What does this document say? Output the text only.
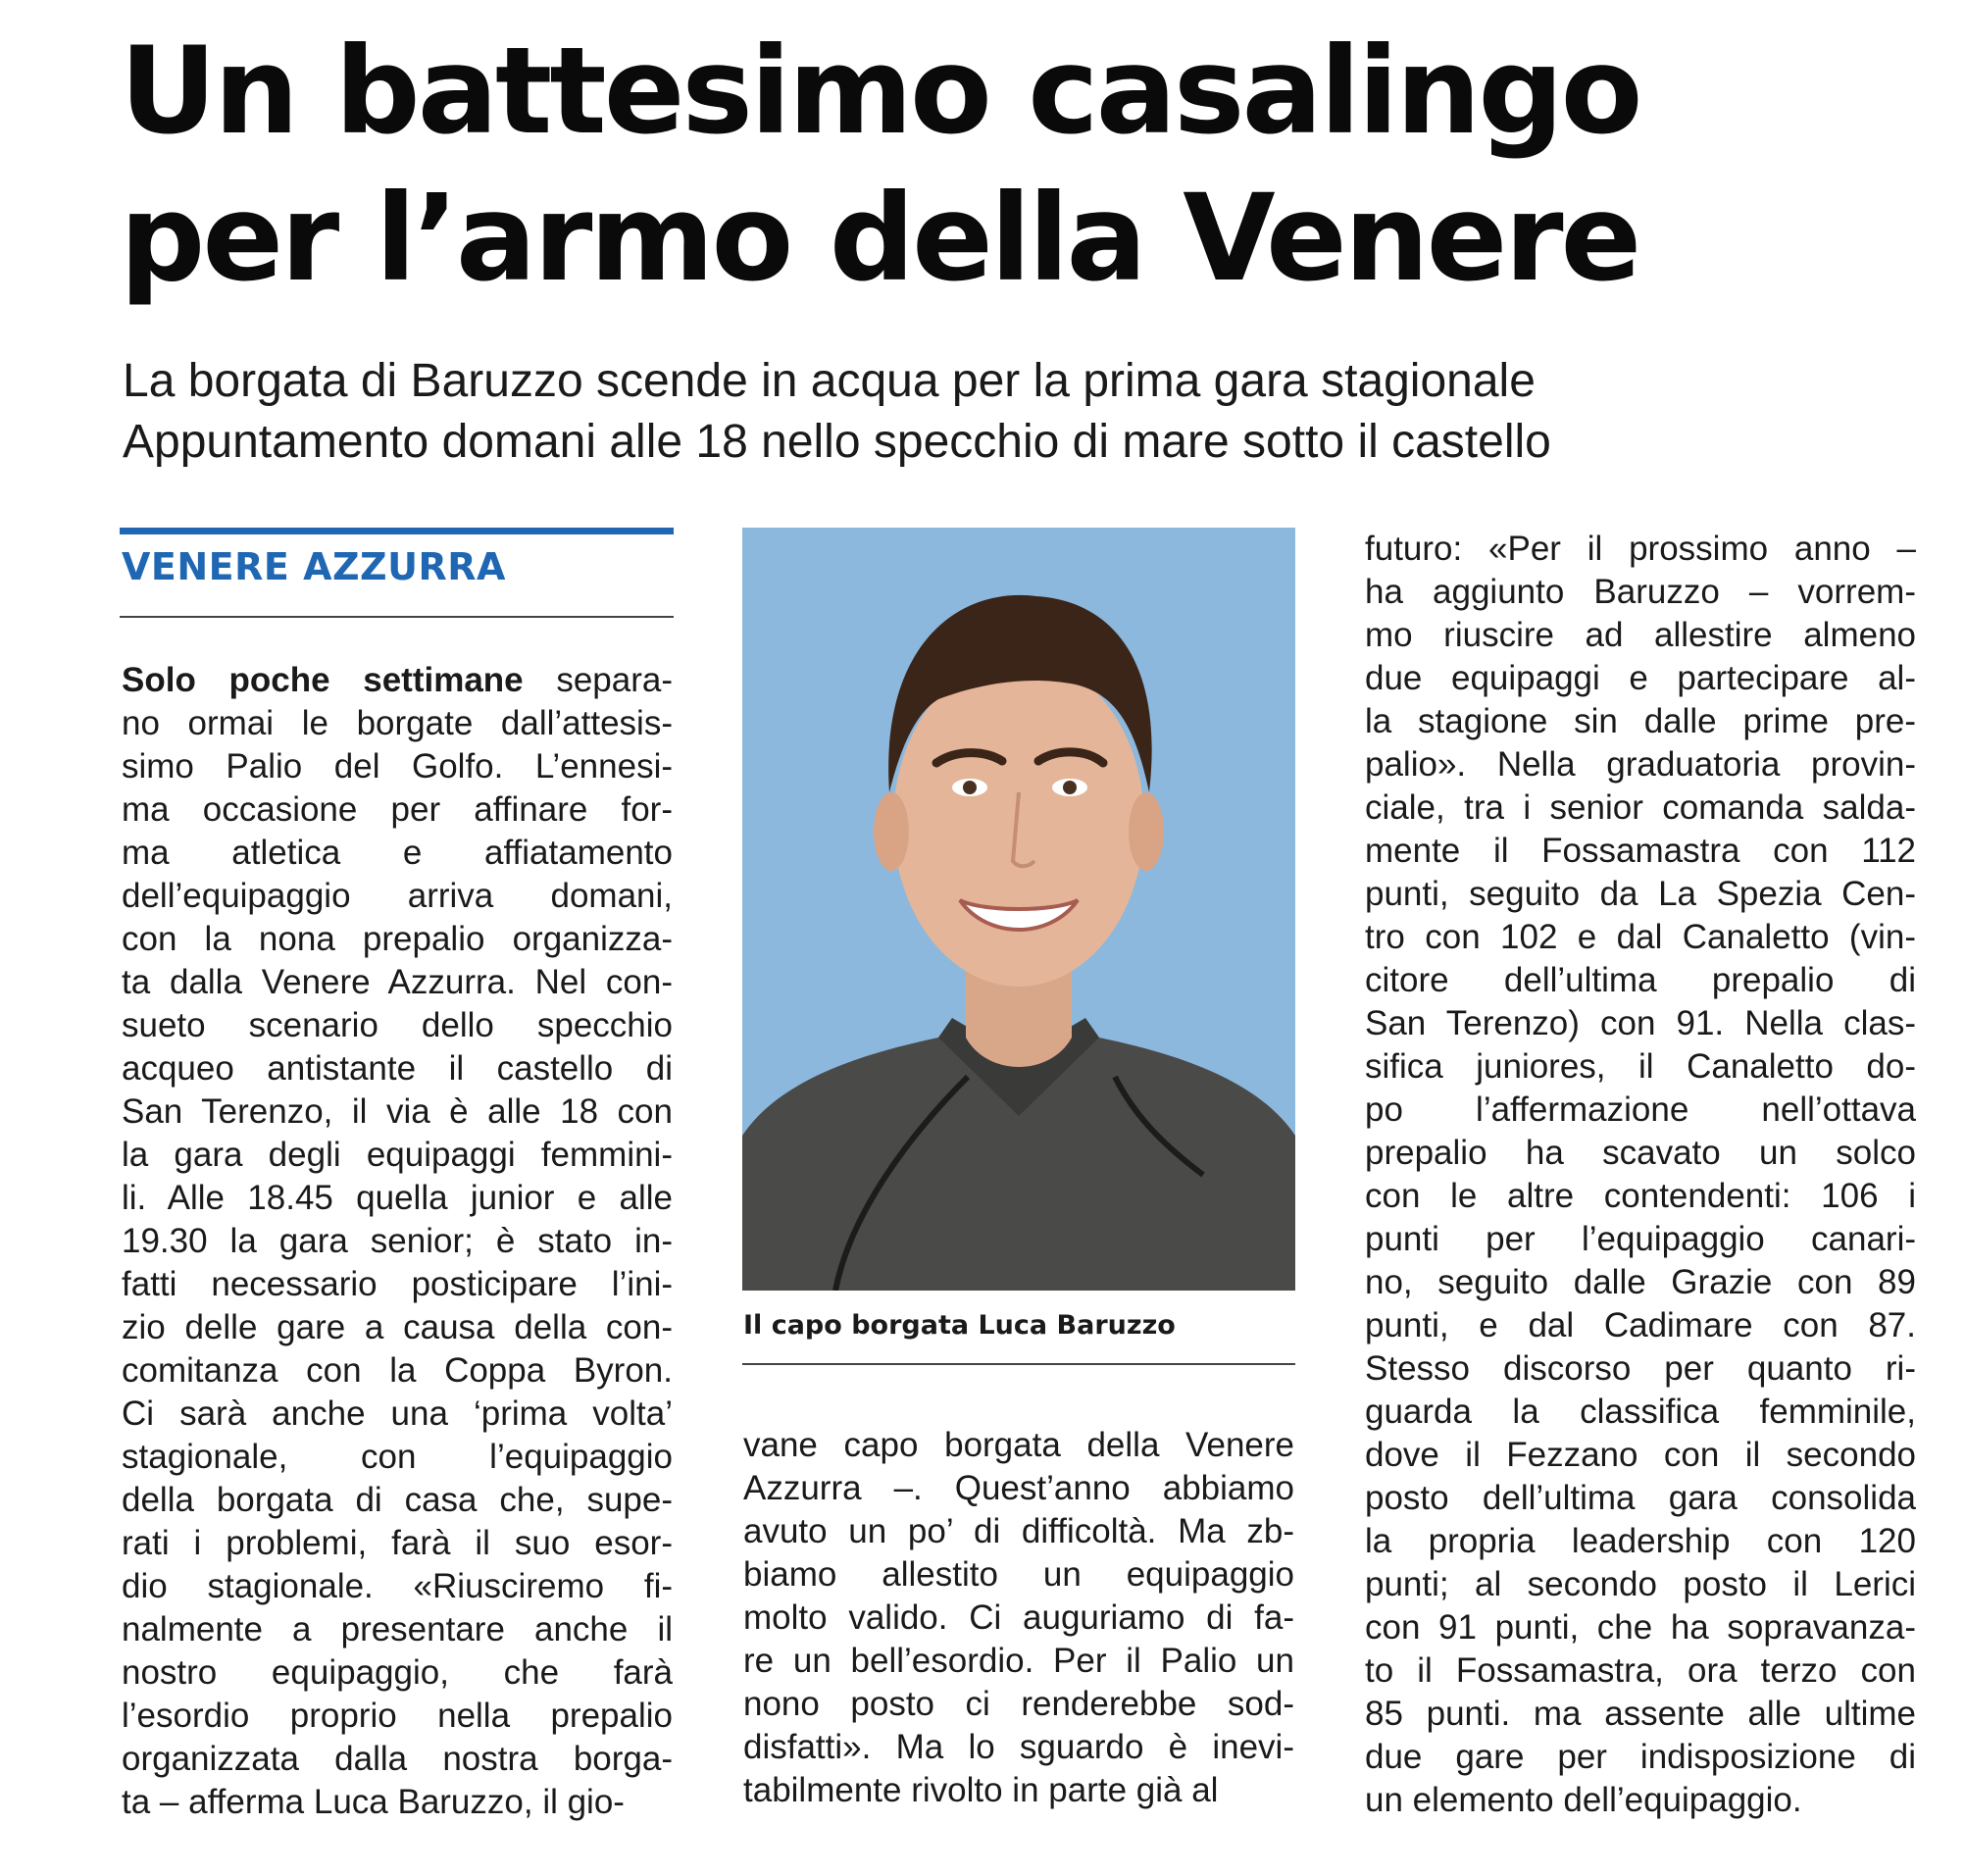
Un battesimo casalingo
per l’armo della Venere
La borgata di Baruzzo scende in acqua per la prima gara stagionale
Appuntamento domani alle 18 nello specchio di mare sotto il castello
VENERE AZZURRA
Solo poche settimane separa-
no ormai le borgate dall’attesis-
simo Palio del Golfo. L’ennesi-
ma occasione per affinare for-
ma atletica e affiatamento
dell’equipaggio arriva domani,
con la nona prepalio organizza-
ta dalla Venere Azzurra. Nel con-
sueto scenario dello specchio
acqueo antistante il castello di
San Terenzo, il via è alle 18 con
la gara degli equipaggi femmini-
li. Alle 18.45 quella junior e alle
19.30 la gara senior; è stato in-
fatti necessario posticipare l’ini-
zio delle gare a causa della con-
comitanza con la Coppa Byron.
Ci sarà anche una ‘prima volta’
stagionale, con l’equipaggio
della borgata di casa che, supe-
rati i problemi, farà il suo esor-
dio stagionale. «Riusciremo fi-
nalmente a presentare anche il
nostro equipaggio, che farà
l’esordio proprio nella prepalio
organizzata dalla nostra borga-
ta – afferma Luca Baruzzo, il gio-
Il capo borgata Luca Baruzzo
vane capo borgata della Venere
Azzurra –. Quest’anno abbiamo
avuto un po’ di difficoltà. Ma zb-
biamo allestito un equipaggio
molto valido. Ci auguriamo di fa-
re un bell’esordio. Per il Palio un
nono posto ci renderebbe sod-
disfatti». Ma lo sguardo è inevi-
tabilmente rivolto in parte già al
futuro: «Per il prossimo anno –
ha aggiunto Baruzzo – vorrem-
mo riuscire ad allestire almeno
due equipaggi e partecipare al-
la stagione sin dalle prime pre-
palio». Nella graduatoria provin-
ciale, tra i senior comanda salda-
mente il Fossamastra con 112
punti, seguito da La Spezia Cen-
tro con 102 e dal Canaletto (vin-
citore dell’ultima prepalio di
San Terenzo) con 91. Nella clas-
sifica juniores, il Canaletto do-
po l’affermazione nell’ottava
prepalio ha scavato un solco
con le altre contendenti: 106 i
punti per l’equipaggio canari-
no, seguito dalle Grazie con 89
punti, e dal Cadimare con 87.
Stesso discorso per quanto ri-
guarda la classifica femminile,
dove il Fezzano con il secondo
posto dell’ultima gara consolida
la propria leadership con 120
punti; al secondo posto il Lerici
con 91 punti, che ha sopravanza-
to il Fossamastra, ora terzo con
85 punti. ma assente alle ultime
due gare per indisposizione di
un elemento dell’equipaggio.
